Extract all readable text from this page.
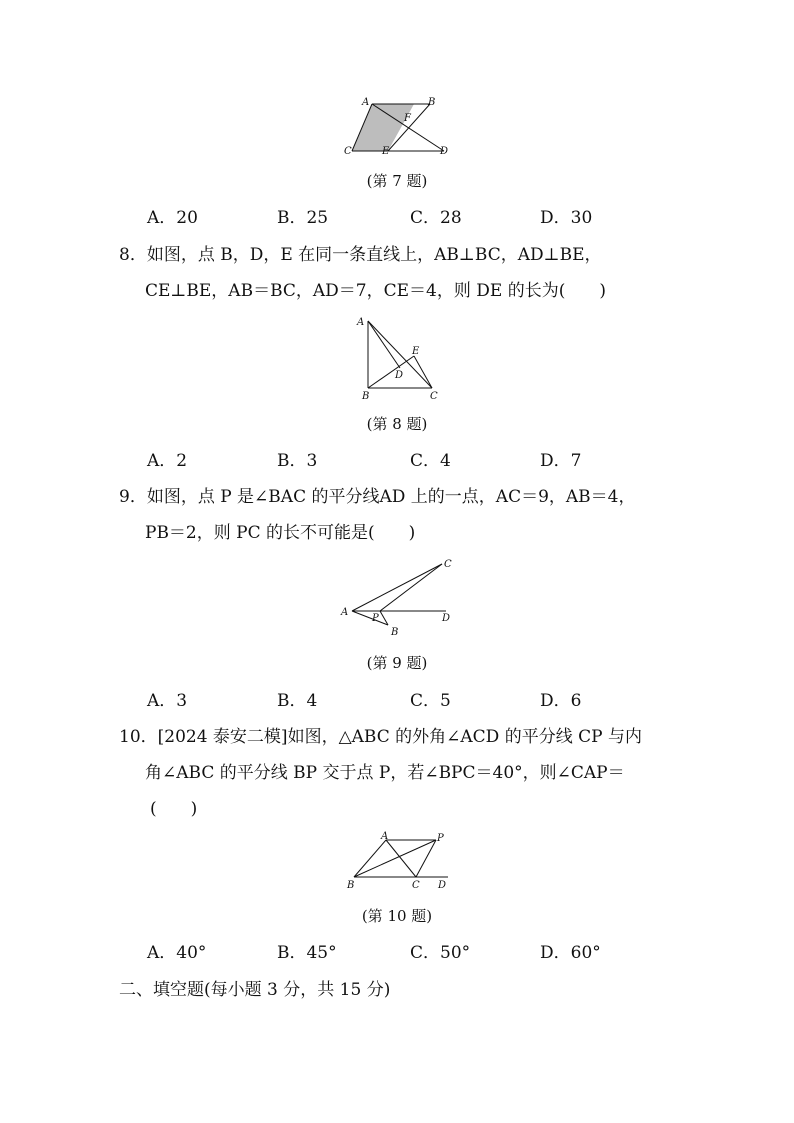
A	B
F
C	E	D
(第 7 题)
A．20	B．25	C．28	D．30
8．如图，点 B，D，E 在同一条直线上，AB⊥BC，AD⊥BE，
CE⊥BE，AB＝BC，AD＝7，CE＝4，则 DE 的长为(　　)
A
E
D
B	C
(第 8 题)
A．2	B．3	C．4	D．7
9．如图，点 P 是∠BAC 的平分线AD 上的一点，AC＝9，AB＝4，
PB＝2，则 PC 的长不可能是(　　)
C
A
P	D
B
(第 9 题)
A．3	B．4	C．5	D．6
10．[2024 泰安二模]如图，△ABC 的外角∠ACD 的平分线 CP 与内
角∠ABC 的平分线 BP 交于点 P，若∠BPC＝40°，则∠CAP＝
(　　)
A	P
B	C D
(第 10 题)
A．40°	B．45°	C．50°	D．60°
二、填空题(每小题 3 分，共 15 分)
